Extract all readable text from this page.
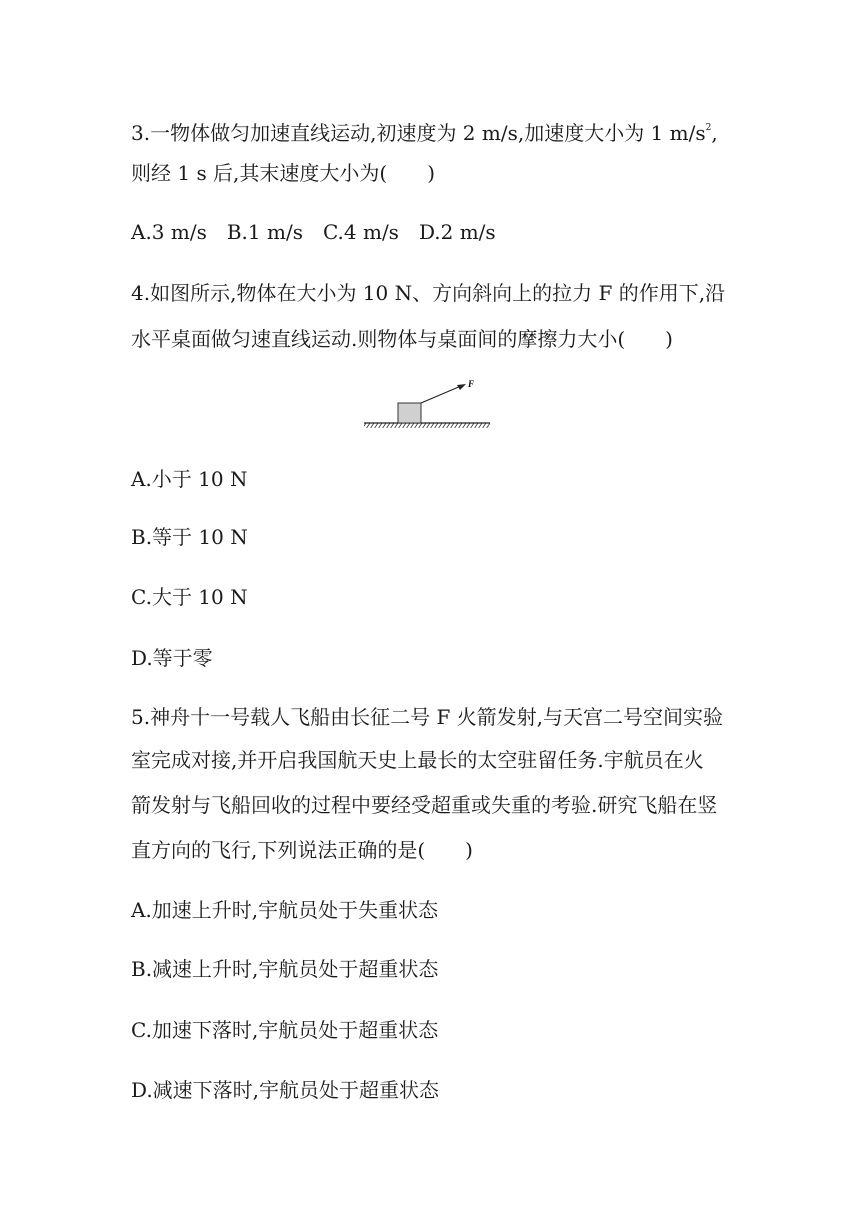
3.一物体做匀加速直线运动,初速度为 2 m/s,加速度大小为 1 $m/s^2$,
则经 1 s 后,其末速度大小为(　　)
A.3 m/s　B.1 m/s　C.4 m/s　D.2 m/s
4.如图所示,物体在大小为 10 N、方向斜向上的拉力 F 的作用下,沿
水平桌面做匀速直线运动.则物体与桌面间的摩擦力大小(　　)
F
A.小于 10 N
B.等于 10 N
C.大于 10 N
D.等于零
5.神舟十一号载人飞船由长征二号 F 火箭发射,与天宫二号空间实验
室完成对接,并开启我国航天史上最长的太空驻留任务.宇航员在火
箭发射与飞船回收的过程中要经受超重或失重的考验.研究飞船在竖
直方向的飞行,下列说法正确的是(　　)
A.加速上升时,宇航员处于失重状态
B.减速上升时,宇航员处于超重状态
C.加速下落时,宇航员处于超重状态
D.减速下落时,宇航员处于超重状态
